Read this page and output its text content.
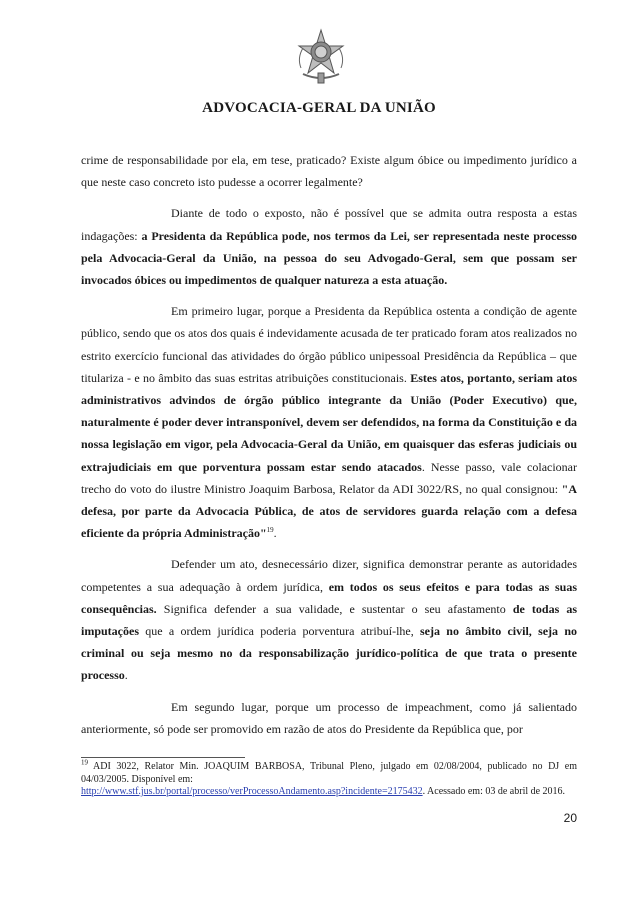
ADVOCACIA-GERAL DA UNIÃO

crime de responsabilidade por ela, em tese, praticado? Existe algum óbice ou impedimento jurídico a que neste caso concreto isto pudesse a ocorrer legalmente?

Diante de todo o exposto, não é possível que se admita outra resposta a estas indagações: a Presidenta da República pode, nos termos da Lei, ser representada neste processo pela Advocacia-Geral da União, na pessoa do seu Advogado-Geral, sem que possam ser invocados óbices ou impedimentos de qualquer natureza a esta atuação.

Em primeiro lugar, porque a Presidenta da República ostenta a condição de agente público, sendo que os atos dos quais é indevidamente acusada de ter praticado foram atos realizados no estrito exercício funcional das atividades do órgão público unipessoal Presidência da República – que titulariza - e no âmbito das suas estritas atribuições constitucionais. Estes atos, portanto, seriam atos administrativos advindos de órgão público integrante da União (Poder Executivo) que, naturalmente é poder dever intransponível, devem ser defendidos, na forma da Constituição e da nossa legislação em vigor, pela Advocacia-Geral da União, em quaisquer das esferas judiciais ou extrajudiciais em que porventura possam estar sendo atacados. Nesse passo, vale colacionar trecho do voto do ilustre Ministro Joaquim Barbosa, Relator da ADI 3022/RS, no qual consignou: "A defesa, por parte da Advocacia Pública, de atos de servidores guarda relação com a defesa eficiente da própria Administração"$^{19}$.

Defender um ato, desnecessário dizer, significa demonstrar perante as autoridades competentes a sua adequação à ordem jurídica, em todos os seus efeitos e para todas as suas consequências. Significa defender a sua validade, e sustentar o seu afastamento de todas as imputações que a ordem jurídica poderia porventura atribuí-lhe, seja no âmbito civil, seja no criminal ou seja mesmo no da responsabilização jurídico-política de que trata o presente processo.

Em segundo lugar, porque um processo de impeachment, como já salientado anteriormente, só pode ser promovido em razão de atos do Presidente da República que, por

$^{19}$ ADI 3022, Relator Min. JOAQUIM BARBOSA, Tribunal Pleno, julgado em 02/08/2004, publicado no DJ em 04/03/2005. Disponível em:
http://www.stf.jus.br/portal/processo/verProcessoAndamento.asp?incidente=2175432. Acessado em: 03 de abril de 2016.

20
